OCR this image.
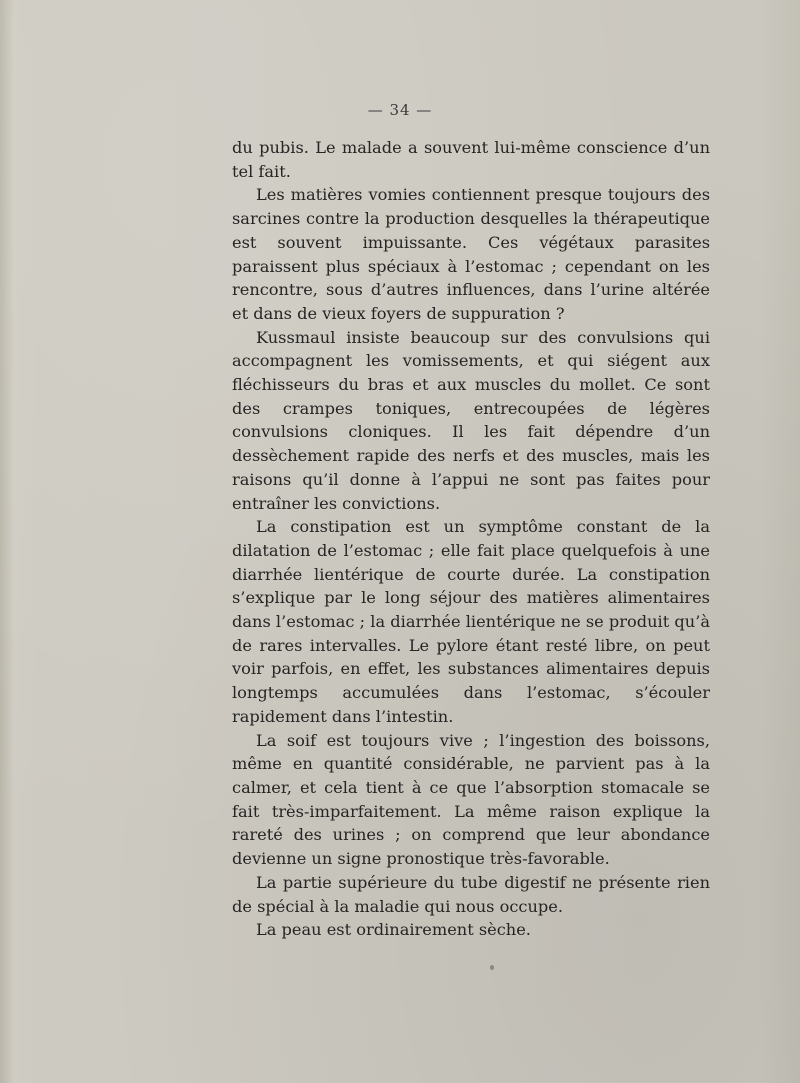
— 34 —

du pubis. Le malade a souvent lui-même conscience d’un tel fait.

Les matières vomies contiennent presque toujours des sarcines contre la production desquelles la thérapeutique est souvent impuissante. Ces végétaux parasites paraissent plus spéciaux à l’estomac ; cependant on les rencontre, sous d’autres influences, dans l’urine altérée et dans de vieux foyers de suppuration ?

Kussmaul insiste beaucoup sur des convulsions qui accompagnent les vomissements, et qui siégent aux fléchisseurs du bras et aux muscles du mollet. Ce sont des crampes toniques, entrecoupées de légères convulsions cloniques. Il les fait dépendre d’un dessèchement rapide des nerfs et des muscles, mais les raisons qu’il donne à l’appui ne sont pas faites pour entraîner les convictions.

La constipation est un symptôme constant de la dilatation de l’estomac ; elle fait place quelquefois à une diarrhée lientérique de courte durée. La constipation s’explique par le long séjour des matières alimentaires dans l’estomac ; la diarrhée lientérique ne se produit qu’à de rares intervalles. Le pylore étant resté libre, on peut voir parfois, en effet, les substances alimentaires depuis longtemps accumulées dans l’estomac, s’écouler rapidement dans l’intestin.

La soif est toujours vive ; l’ingestion des boissons, même en quantité considérable, ne parvient pas à la calmer, et cela tient à ce que l’absorption stomacale se fait très-imparfaitement. La même raison explique la rareté des urines ; on comprend que leur abondance devienne un signe pronostique très-favorable.

La partie supérieure du tube digestif ne présente rien de spécial à la maladie qui nous occupe.

La peau est ordinairement sèche.
